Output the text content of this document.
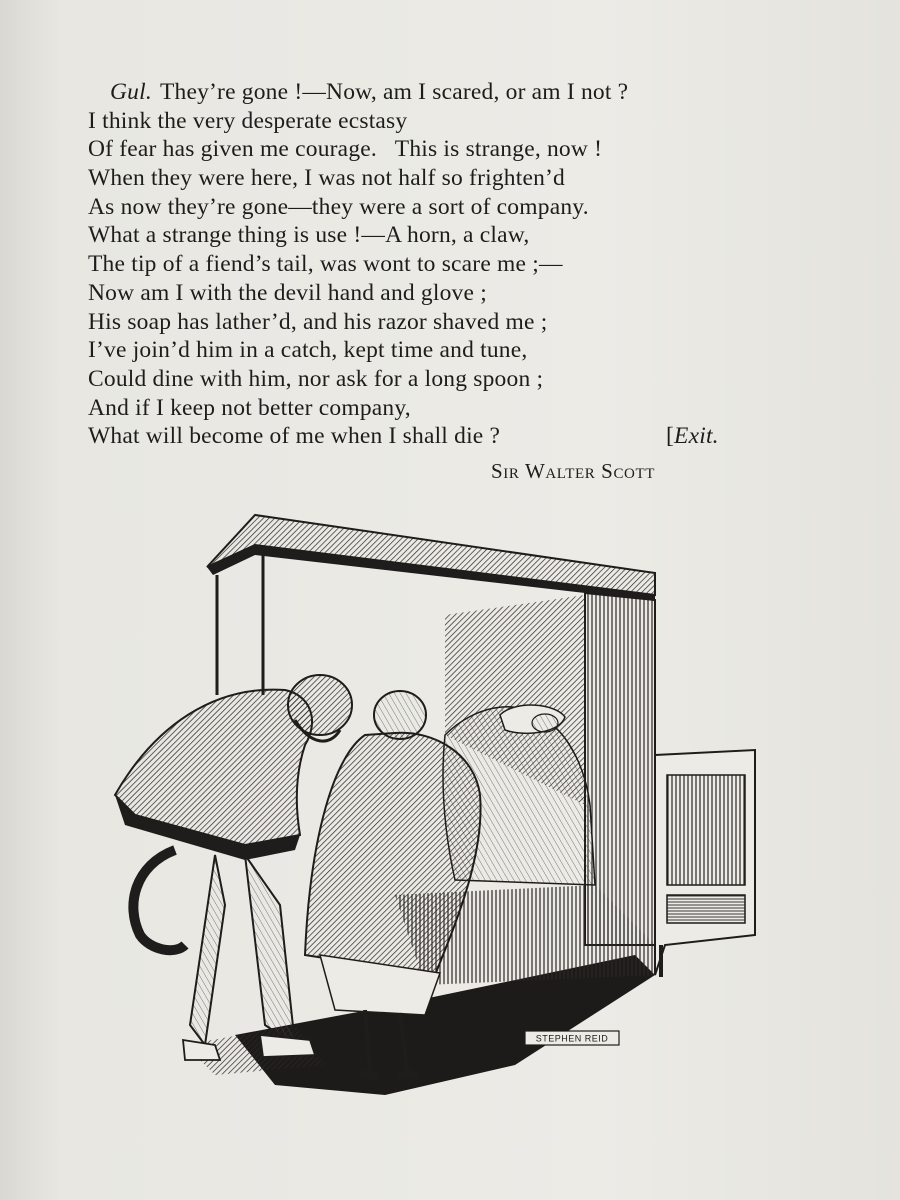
Gul. They’re gone !—Now, am I scared, or am I not ?
I think the very desperate ecstasy
Of fear has given me courage.   This is strange, now !
When they were here, I was not half so frighten’d
As now they’re gone—they were a sort of company.
What a strange thing is use !—A horn, a claw,
The tip of a fiend’s tail, was wont to scare me ;—
Now am I with the devil hand and glove ;
His soap has lather’d, and his razor shaved me ;
I’ve join’d him in a catch, kept time and tune,
Could dine with him, nor ask for a long spoon ;
And if I keep not better company,
What will become of me when I shall die ?	[Exit.
Sir Walter Scott
STEPHEN REID
